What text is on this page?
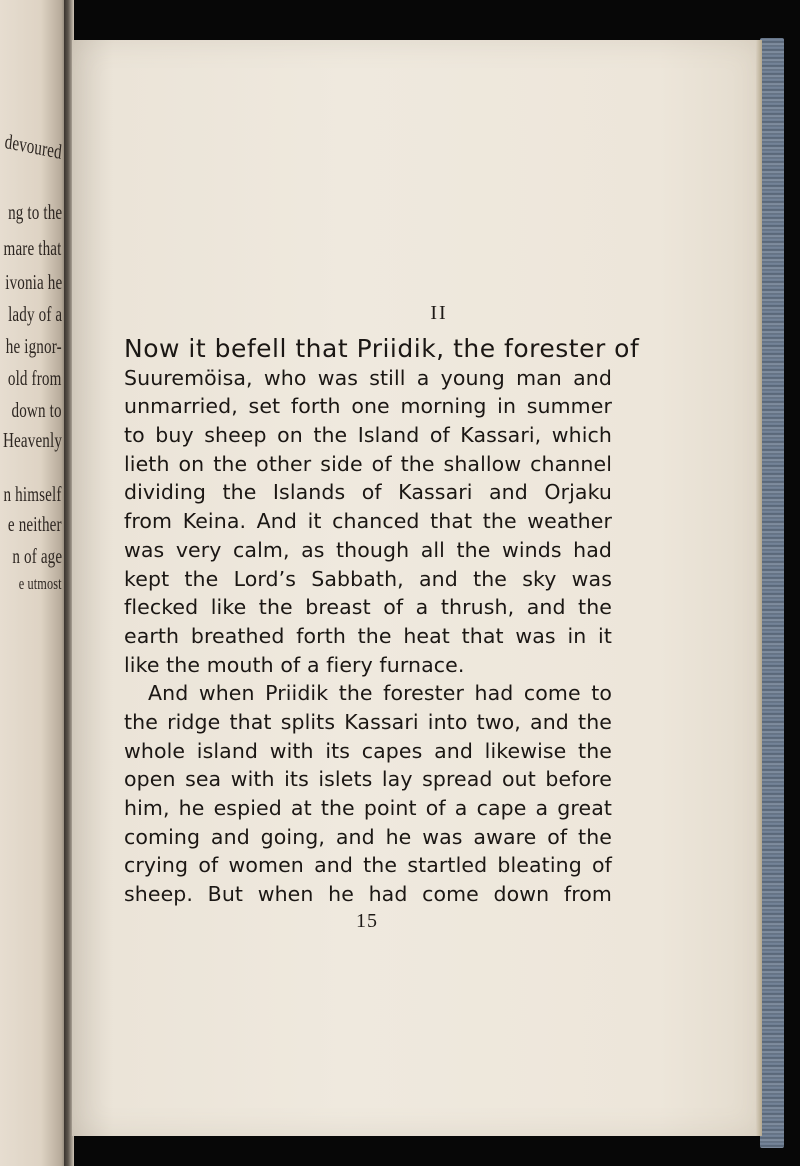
devoured
ng to the
mare that
ivonia he
lady of a
he ignor-
old from
down to
Heavenly
n himself
e neither
n of age
e utmost
II
Now it befell that Priidik, the forester of
Suuremöisa, who was still a young man and
unmarried, set forth one morning in summer
to buy sheep on the Island of Kassari, which
lieth on the other side of the shallow channel
dividing the Islands of Kassari and Orjaku
from Keina. And it chanced that the weather
was very calm, as though all the winds had
kept the Lord’s Sabbath, and the sky was
flecked like the breast of a thrush, and the
earth breathed forth the heat that was in it
like the mouth of a fiery furnace.
And when Priidik the forester had come to
the ridge that splits Kassari into two, and the
whole island with its capes and likewise the
open sea with its islets lay spread out before
him, he espied at the point of a cape a great
coming and going, and he was aware of the
crying of women and the startled bleating of
sheep. But when he had come down from
15
